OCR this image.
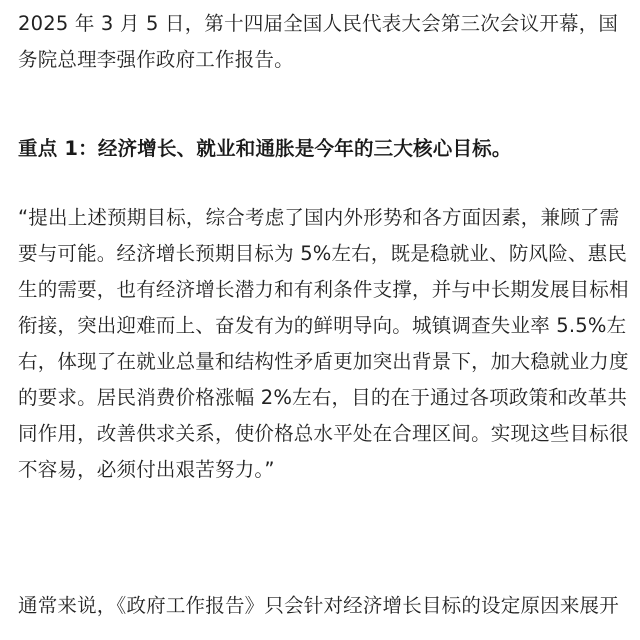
2025 年 3 月 5 日，第十四届全国人民代表大会第三次会议开幕，国务院总理李强作政府工作报告。

重点 1：经济增长、就业和通胀是今年的三大核心目标。

“提出上述预期目标，综合考虑了国内外形势和各方面因素，兼顾了需要与可能。经济增长预期目标为 5%左右，既是稳就业、防风险、惠民生的需要，也有经济增长潜力和有利条件支撑，并与中长期发展目标相衔接，突出迎难而上、奋发有为的鲜明导向。城镇调查失业率 5.5%左右，体现了在就业总量和结构性矛盾更加突出背景下，加大稳就业力度的要求。居民消费价格涨幅 2%左右，目的在于通过各项政策和改革共同作用，改善供求关系，使价格总水平处在合理区间。实现这些目标很不容易，必须付出艰苦努力。”

通常来说，《政府工作报告》只会针对经济增长目标的设定原因来展开
